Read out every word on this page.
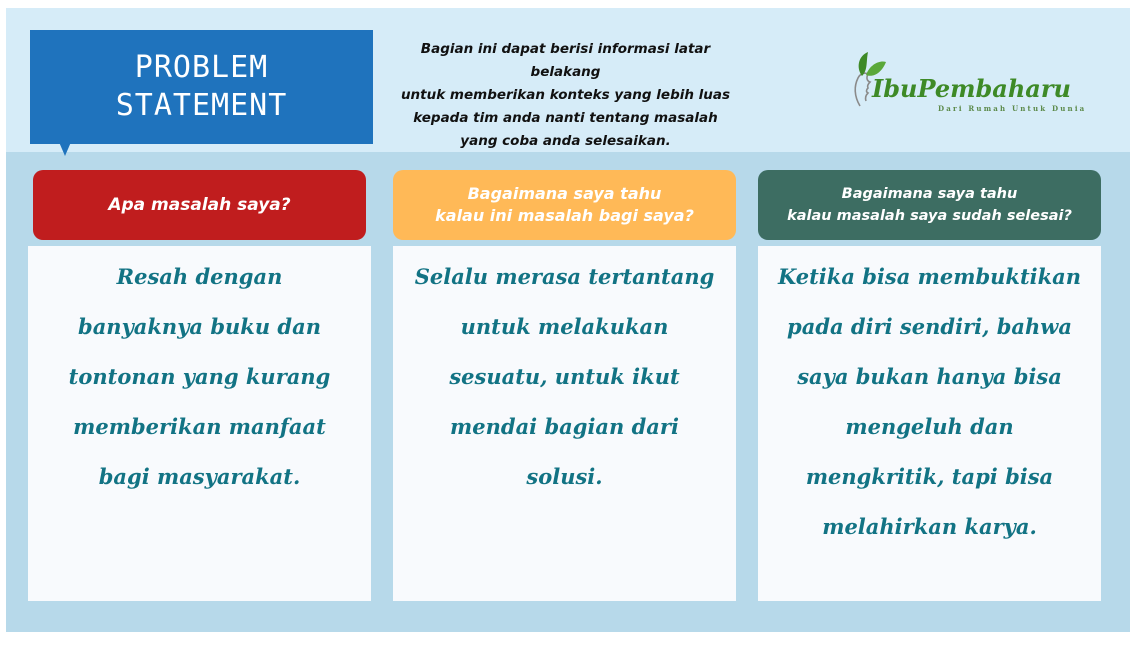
PROBLEM
STATEMENT
Bagian ini dapat berisi informasi latar belakang
untuk memberikan konteks yang lebih luas
kepada tim anda nanti tentang masalah
yang coba anda selesaikan.
IbuPembaharu
Dari Rumah Untuk Dunia
Apa masalah saya?

Resah dengan
banyaknya buku dan
tontonan yang kurang
memberikan manfaat
bagi masyarakat.

Bagaimana saya tahu
kalau ini masalah bagi saya?

Selalu merasa tertantang
untuk melakukan
sesuatu, untuk ikut
mendai bagian dari
solusi.

Bagaimana saya tahu
kalau masalah saya sudah selesai?

Ketika bisa membuktikan
pada diri sendiri, bahwa
saya bukan hanya bisa
mengeluh dan
mengkritik, tapi bisa
melahirkan karya.
